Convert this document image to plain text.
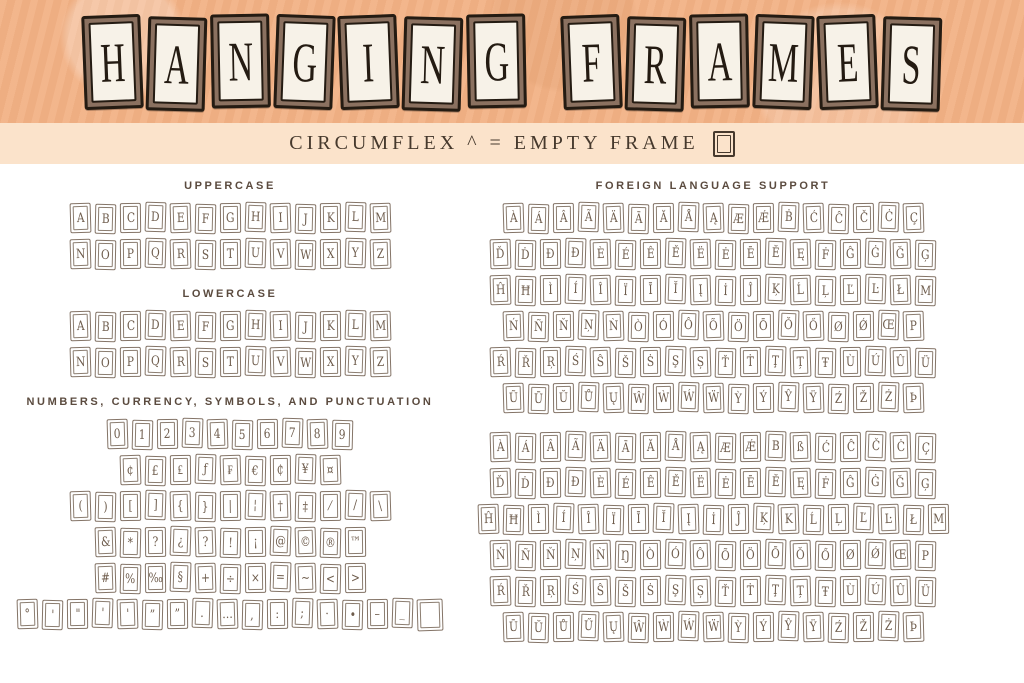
H A N G I N G F R A M E S
CIRCUMFLEX ^ = EMPTY FRAME
UPPERCASE
A B C D E F G H I J K L M
N O P Q R S T U V W X Y Z
LOWERCASE
A B C D E F G H I J K L M
N O P Q R S T U V W X Y Z
NUMBERS, CURRENCY, SYMBOLS, AND PUNCTUATION
0 1 2 3 4 5 6 7 8 9
¢ £ ₤ ƒ ₣ € ₵ ¥ ¤
( ) [ ] { } | ¦ † ‡ ⁄ / \
& * ? ¿ ? ! ¡ @ © ® ™
# % ‰ § + ÷ × = ~ < >
° ' " ' ' ” ” . … , : ; · • – _
FOREIGN LANGUAGE SUPPORT
À Á Â Ã Ä Ā Ă Å Ą Æ Ǽ Ḃ Ć Ĉ Č Ċ Ç
Ď Ḋ Đ Ð È É Ê Ě Ë Ė Ē Ĕ Ę Ḟ Ĝ Ġ Ğ Ģ
Ĥ Ħ Ì Í Î Ï Ī Ĭ Į İ Ĵ Ķ Ĺ Ļ Ľ Ŀ Ł M
Ń Ñ Ň Ņ Ǹ Ò Ó Ô Õ Ö Ō Ŏ Ő Ø Ǿ Œ P
Ŕ Ř Ŗ Ś Ŝ Š Ṡ Ş Ș Ť Ṫ Ţ Ț Ŧ Ù Ú Û Ü
Ũ Ū Ŭ Ů Ų Ŵ Ẁ Ẃ Ẅ Ỳ Ý Ŷ Ÿ Ź Ž Ż Þ
À Á Â Ã Ä Ā Ă Å Ą Æ Ǽ B ß Ć Ĉ Č Ċ Ç
Ď Ḋ Đ Ð È É Ê Ě Ë Ė Ē Ĕ Ę Ḟ Ĝ Ġ Ğ Ģ
Ĥ Ħ Ì Í Î Ï Ī Ĭ Į İ Ĵ Ķ K Ĺ Ļ Ľ Ŀ Ł M
Ń Ñ Ň Ņ Ǹ Ŋ Ò Ó Ô Õ Ö Ō Ŏ Ő Ø Ǿ Œ P
Ŕ Ř Ŗ Ś Ŝ Š Ṡ Ş Ș Ť Ṫ Ţ Ț Ŧ Ù Ú Û Ü
Ū Ŭ Ů Ű Ų Ŵ Ẁ Ẃ Ẅ Ỳ Ý Ŷ Ÿ Ź Ž Ż Þ
